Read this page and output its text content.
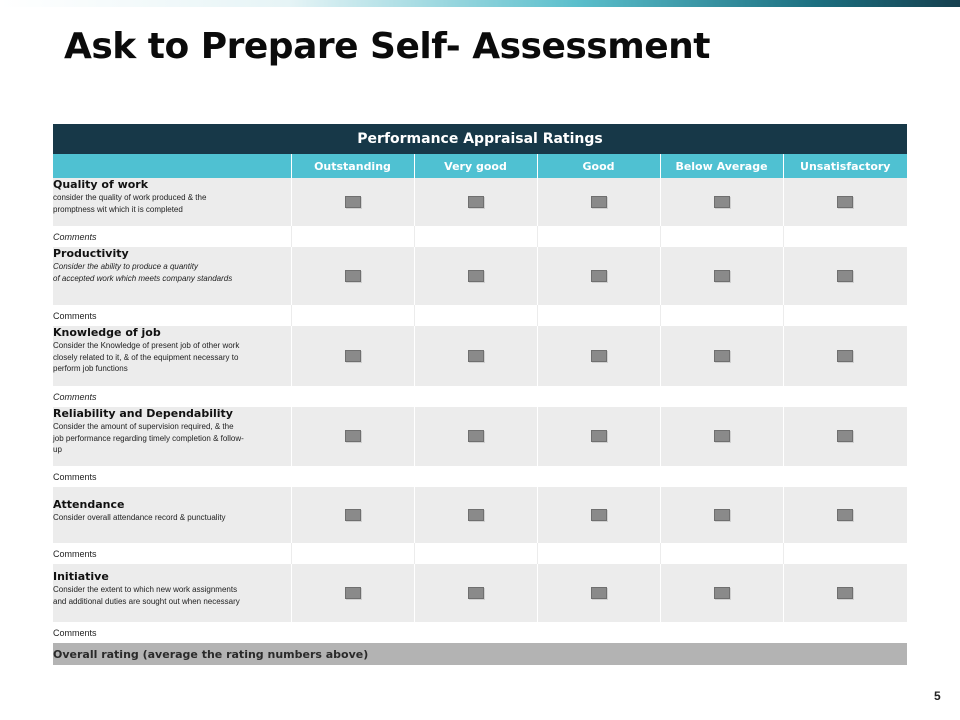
Ask to Prepare Self- Assessment
Performance Appraisal Ratings					
	Outstanding	Very good	Good	Below Average	Unsatisfactory

Quality of work
consider the quality of work produced & the
promptness wit which it is completed					

Comments					

Productivity
Consider the ability to produce a quantity
of accepted work which meets company standards					

Comments					

Knowledge of job
Consider the Knowledge of present job of other work
closely related to it, & of the equipment necessary to
perform job functions					

Comments					

Reliability and Dependability
Consider the amount of supervision required, & the
job performance regarding timely completion & follow-
up					

Comments					

Attendance
Consider overall attendance record & punctuality					

Comments					

Initiative
Consider the extent to which new work assignments
and additional duties are sought out when necessary					

Comments					
Overall rating (average the rating numbers above)					
5
